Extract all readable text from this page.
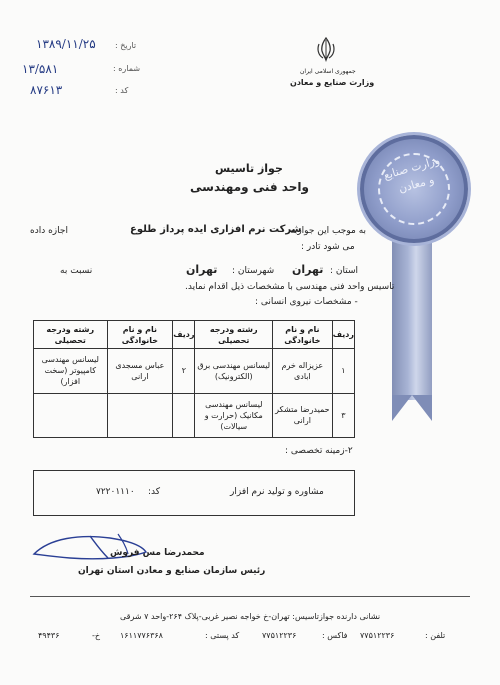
تاریخ :
۱۳۸۹/۱۱/۲۵
شماره :
۱۳/۵۸۱
کد :
۸۷۶۱۳
جمهوری اسلامی ایران
وزارت صنایع و معادن
وزارت صنایع و معادن
جواز تاسیس
واحد فنی ومهندسی
به موجب این جوازبه
شرکت نرم افزاری ایده پرداز طلوع
اجازه داده
می شود تادر :
استان :
تهران
شهرستان :
تهران
نسبت به
تاسیس واحد فنی مهندسی با مشخصات ذیل اقدام نماید.
- مشخصات نیروی انسانی :
ردیف	نام و نام خانوادگی	رشته ودرجه تحصیلی	ردیف	نام و نام خانوادگی	رشته ودرجه تحصیلی
۱	عزیزاله خرم ابادی	لیسانس مهندسی برق (الکترونیک)	۲	عباس مسجدی ارانی	لیسانس مهندسی کامپیوتر (سخت افزار)
۳	حمیدرضا متشکر ارانی	لیسانس مهندسی مکانیک (حرارت و سیالات)			
۲-زمینه تخصصی :
مشاوره و تولید نرم افزار
کد:
۷۲۲۰۱۱۱۰
محمدرضا مس فروش
رئیس سازمان صنایع و معادن استان تهران
نشانی دارنده جوازتاسیس: تهران-خ خواجه نصیر غربی-پلاک ۲۶۴-واحد ۷ شرقی
تلفن :
۷۷۵۱۲۲۳۶
فاکس :
۷۷۵۱۲۲۳۶
کد پستی :
۱۶۱۱۷۷۶۳۶۸
خ-
۴۹۴۳۶
